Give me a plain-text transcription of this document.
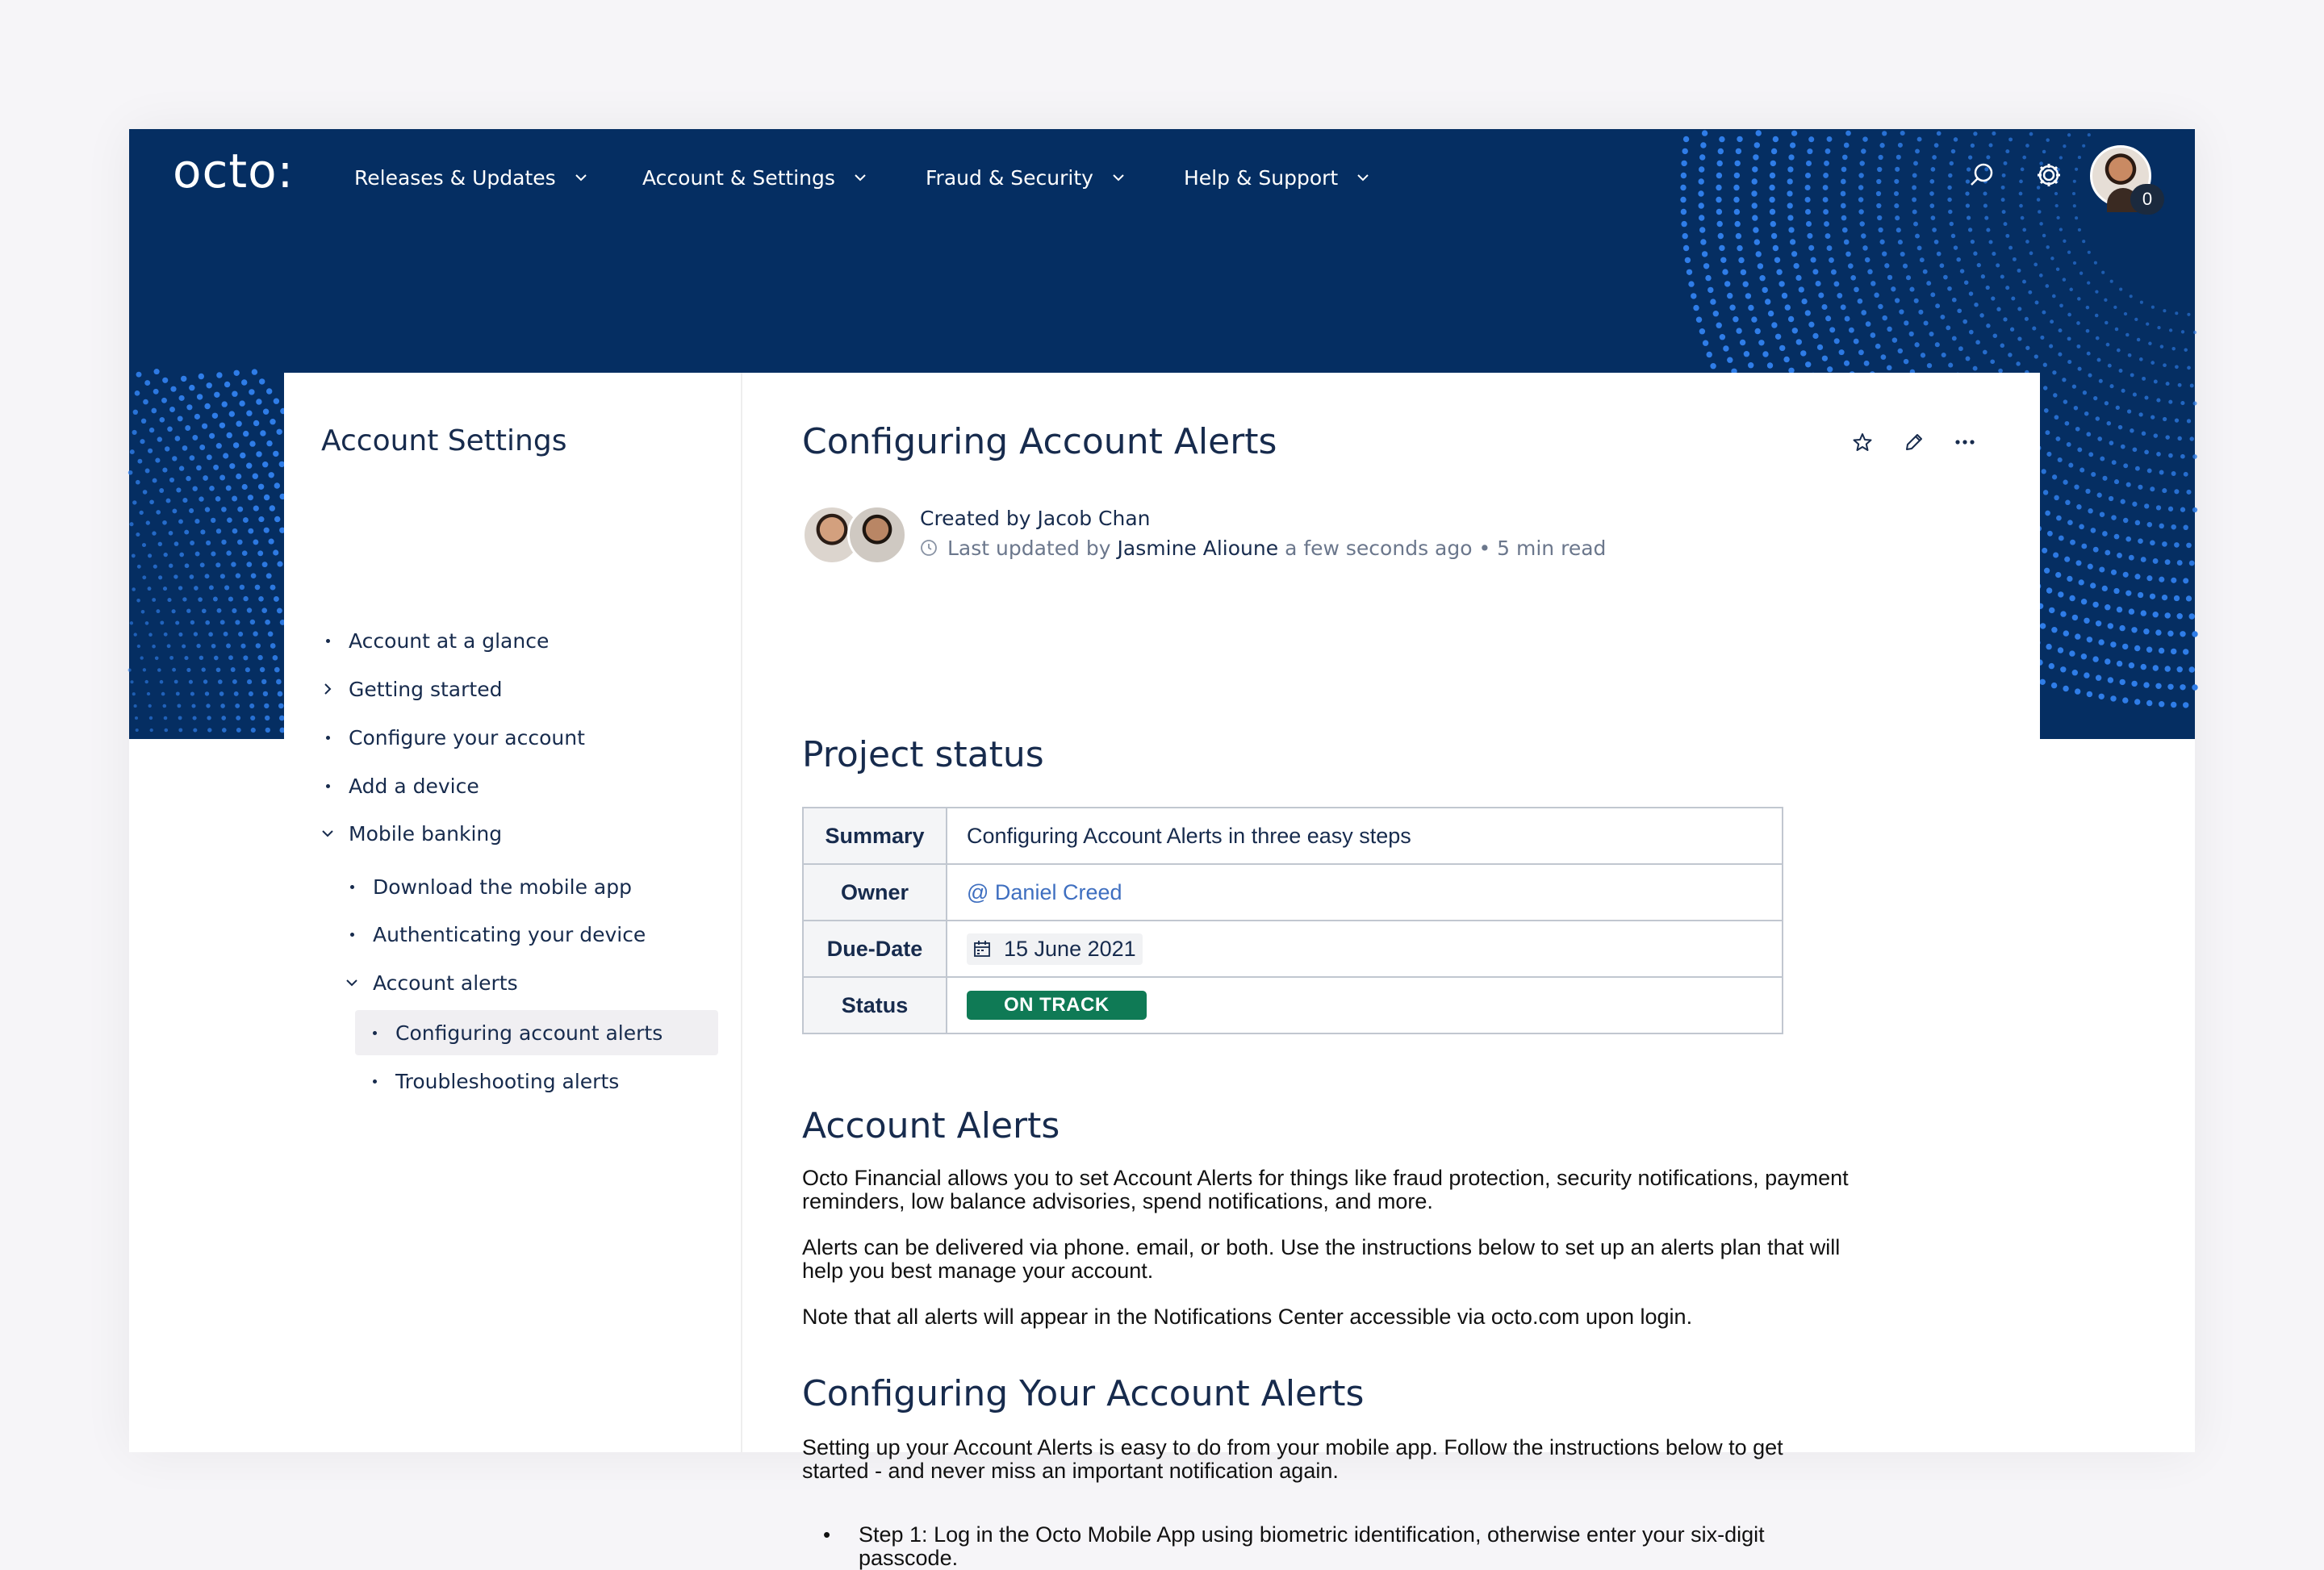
octo:	Releases & Updates	Account & Settings	Fraud & Security	Help & Support
0
Account Settings
Account at a glance
Getting started
Configure your account
Add a device
Mobile banking
Download the mobile app
Authenticating your device
Account alerts
Configuring account alerts
Troubleshooting alerts
Configuring Account Alerts
Created by Jacob Chan
Last updated by
Jasmine Alioune
a few seconds ago • 5 min read
Project status
Summary	Configuring Account Alerts in three easy steps
Owner	@ Daniel Creed
Due-Date	15 June 2021

Status	ON TRACK
Account Alerts

Octo Financial allows you to set Account Alerts for things like fraud protection, security notifications, payment reminders, low balance advisories, spend notifications, and more.

Alerts can be delivered via phone. email, or both. Use the instructions below to set up an alerts plan that will help you best manage your account.

Note that all alerts will appear in the Notifications Center accessible via octo.com upon login.

Configuring Your Account Alerts

Setting up your Account Alerts is easy to do from your mobile app. Follow the instructions below to get started - and never miss an important notification again.

• Step 1: Log in the Octo Mobile App using biometric identification, otherwise enter your six-digit passcode.
